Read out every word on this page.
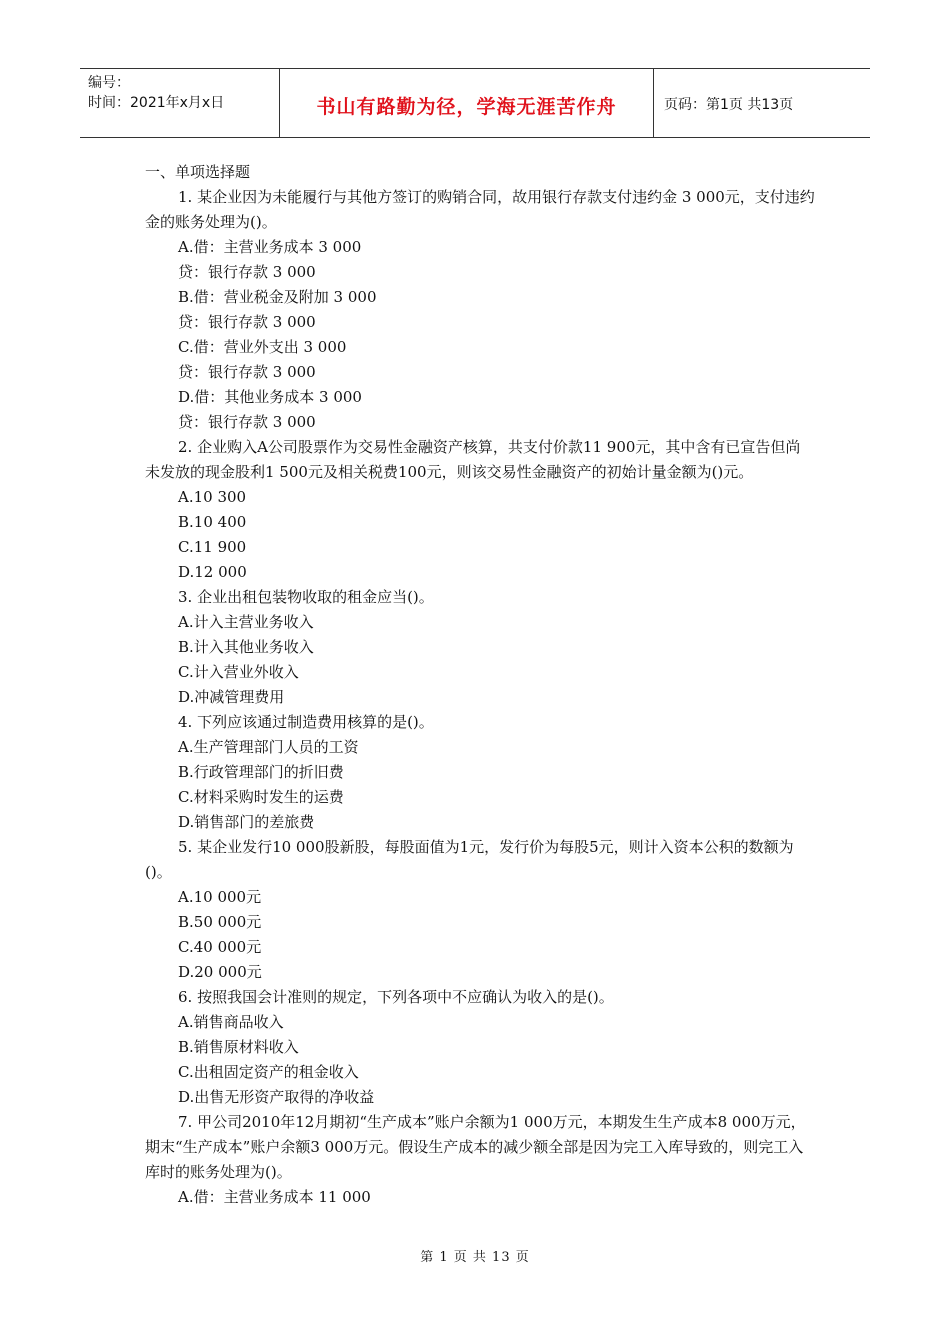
编号：
时间：2021年x月x日	书山有路勤为径，学海无涯苦作舟	页码：第1页 共13页

一、单项选择题

1. 某企业因为未能履行与其他方签订的购销合同，故用银行存款支付违约金 3 000元，支付违约金的账务处理为()。

A.借：主营业务成本 3 000

贷：银行存款 3 000

B.借：营业税金及附加 3 000

贷：银行存款 3 000

C.借：营业外支出 3 000

贷：银行存款 3 000

D.借：其他业务成本 3 000

贷：银行存款 3 000

2. 企业购入A公司股票作为交易性金融资产核算，共支付价款11 900元，其中含有已宣告但尚未发放的现金股利1 500元及相关税费100元，则该交易性金融资产的初始计量金额为()元。

A.10 300

B.10 400

C.11 900

D.12 000

3. 企业出租包装物收取的租金应当()。

A.计入主营业务收入

B.计入其他业务收入

C.计入营业外收入

D.冲减管理费用

4. 下列应该通过制造费用核算的是()。

A.生产管理部门人员的工资

B.行政管理部门的折旧费

C.材料采购时发生的运费

D.销售部门的差旅费

5. 某企业发行10 000股新股，每股面值为1元，发行价为每股5元，则计入资本公积的数额为()。

A.10 000元

B.50 000元

C.40 000元

D.20 000元

6. 按照我国会计准则的规定，下列各项中不应确认为收入的是()。

A.销售商品收入

B.销售原材料收入

C.出租固定资产的租金收入

D.出售无形资产取得的净收益

7. 甲公司2010年12月期初“生产成本”账户余额为1 000万元，本期发生生产成本8 000万元，期末“生产成本”账户余额3 000万元。假设生产成本的减少额全部是因为完工入库导致的，则完工入库时的账务处理为()。

A.借：主营业务成本 11 000

第 1 页 共 13 页
